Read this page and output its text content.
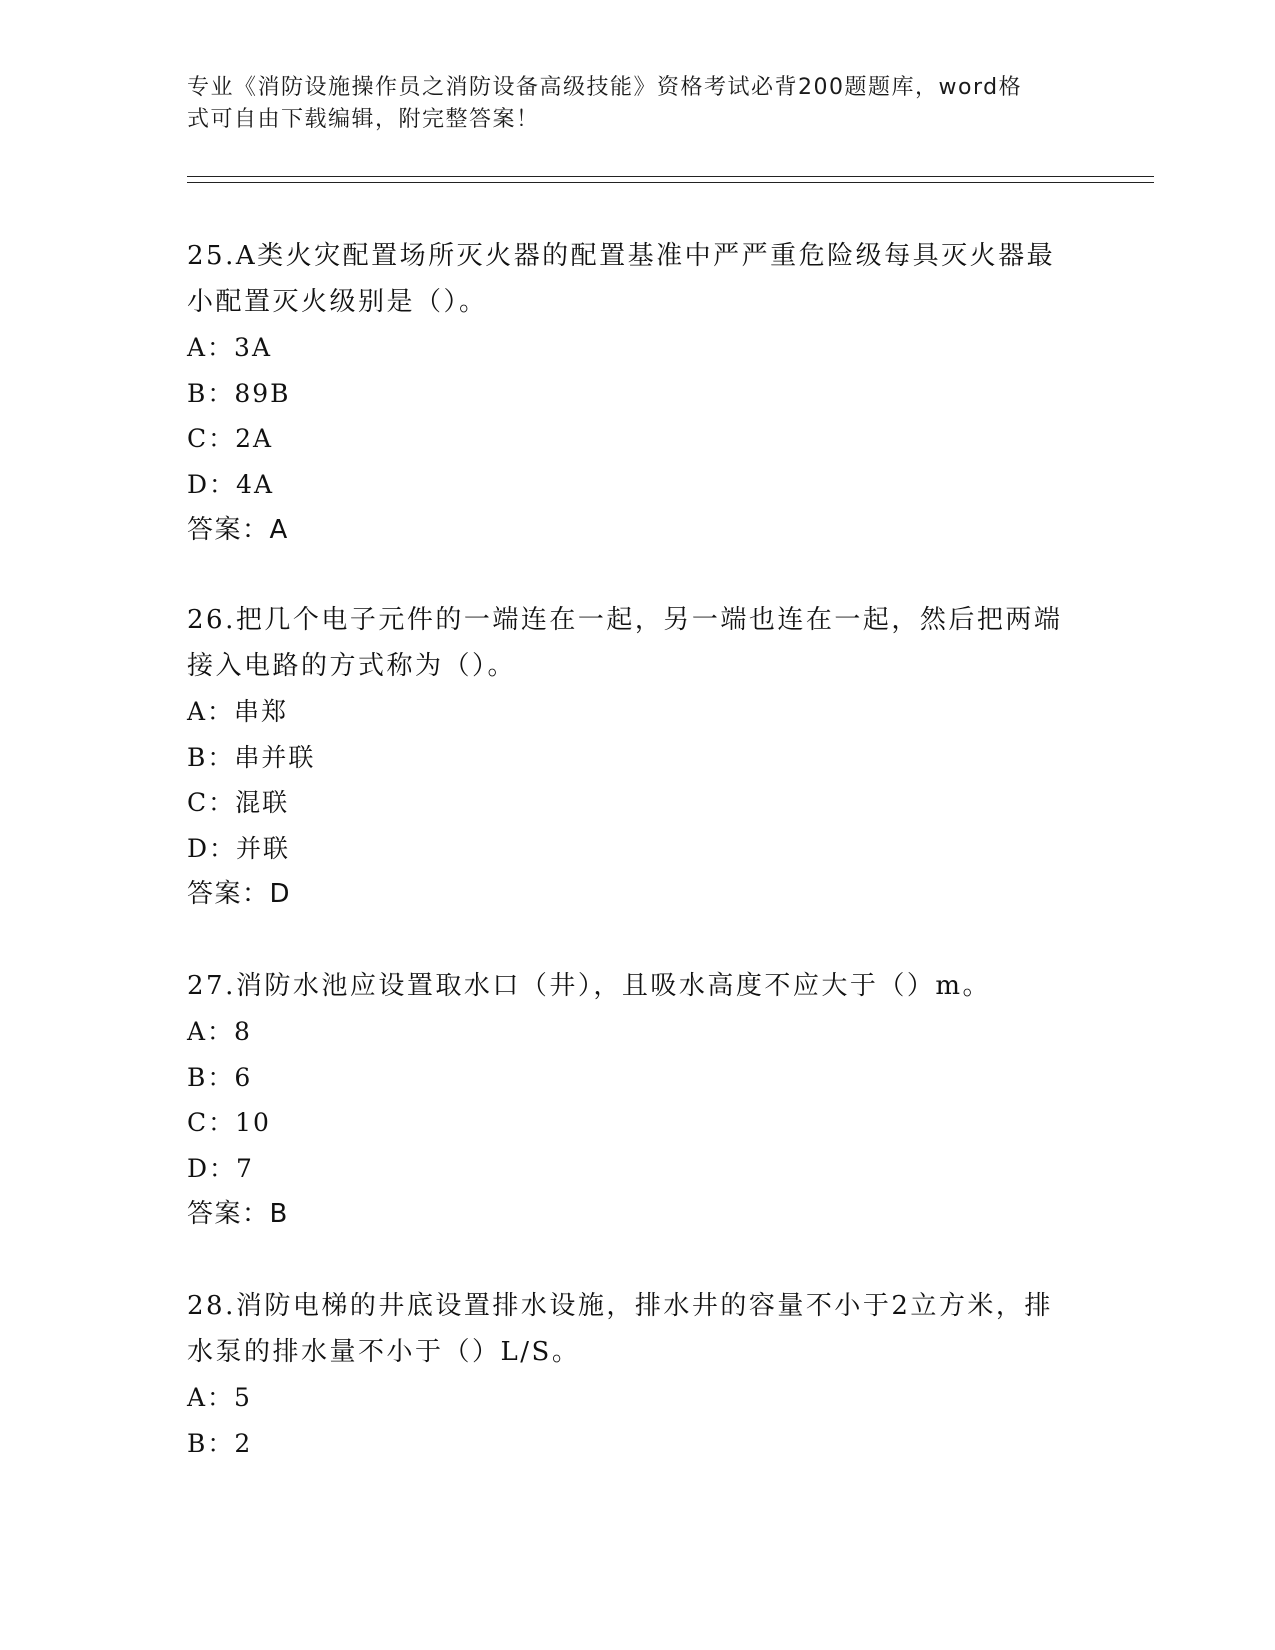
专业《消防设施操作员之消防设备高级技能》资格考试必背200题题库，word格
式可自由下载编辑，附完整答案！

25.A类火灾配置场所灭火器的配置基准中严严重危险级每具灭火器最

小配置灭火级别是（）。

A：3A

B：89B

C：2A

D：4A

答案：A

26.把几个电子元件的一端连在一起，另一端也连在一起，然后把两端

接入电路的方式称为（）。

A：串郑

B：串并联

C：混联

D：并联

答案：D

27.消防水池应设置取水口（井），且吸水高度不应大于（）m。

A：8

B：6

C：10

D：7

答案：B

28.消防电梯的井底设置排水设施，排水井的容量不小于2立方米，排

水泵的排水量不小于（）L/S。

A：5

B：2
